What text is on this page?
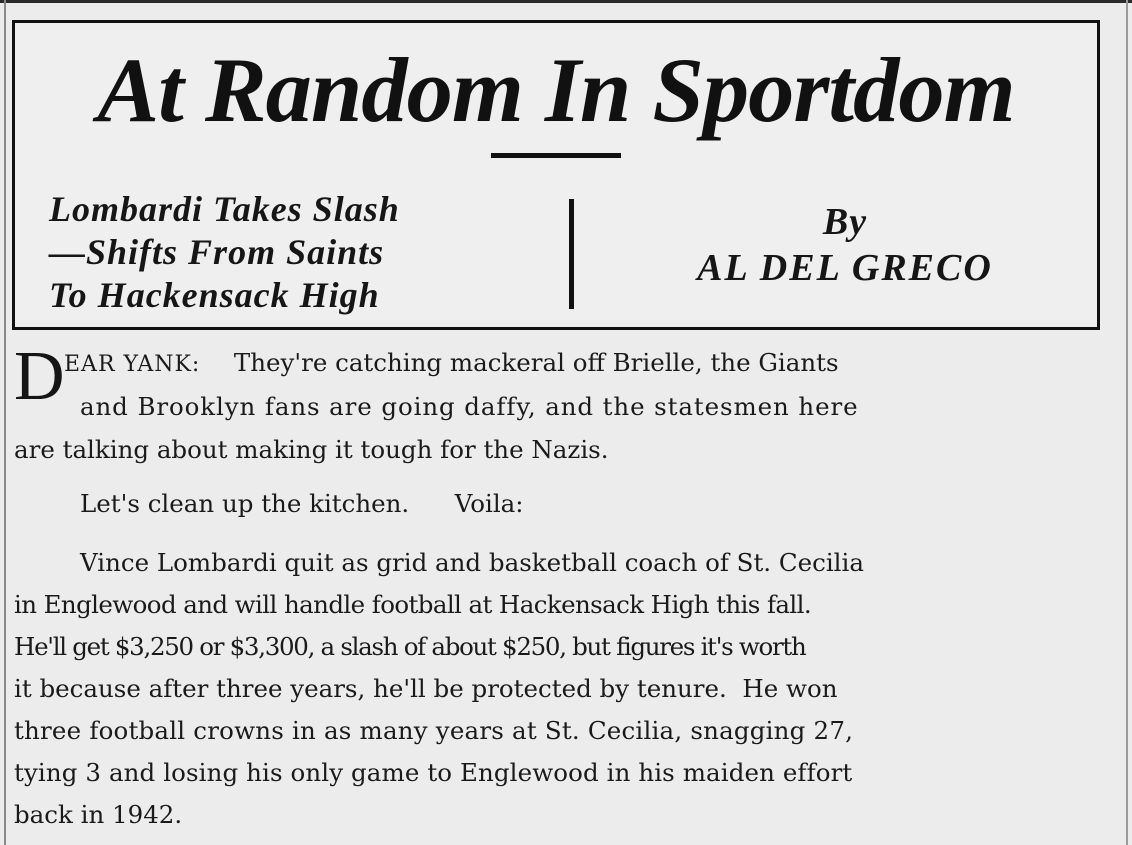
At Random In Sportdom
Lombardi Takes Slash
—Shifts From Saints
To Hackensack High
By
AL DEL GRECO
D EAR YANK: They're catching mackeral off Brielle, the Giants
and Brooklyn fans are going daffy, and the statesmen here
are talking about making it tough for the Nazis.
Let's clean up the kitchen. Voila:
Vince Lombardi quit as grid and basketball coach of St. Cecilia
in Englewood and will handle football at Hackensack High this fall.
He'll get $3,250 or $3,300, a slash of about $250, but figures it's worth
it because after three years, he'll be protected by tenure.  He won
three football crowns in as many years at St. Cecilia, snagging 27,
tying 3 and losing his only game to Englewood in his maiden effort
back in 1942.
